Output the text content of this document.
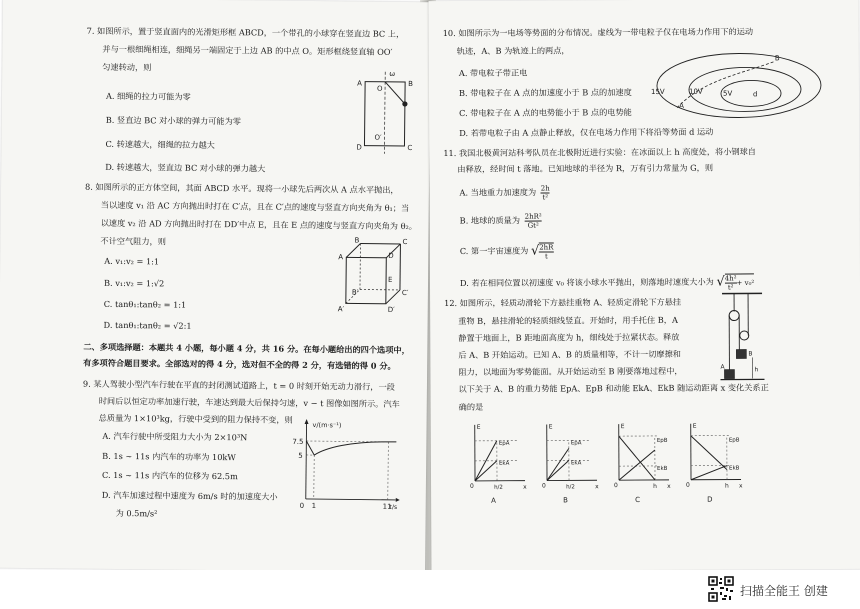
7. 如图所示，置于竖直面内的光滑矩形框 ABCD，一个带孔的小球穿在竖直边 BC 上，
并与一根细绳相连，细绳另一端固定于上边 AB 的中点 O。矩形框绕竖直轴 OO′
匀速转动，则
A. 细绳的拉力可能为零
B. 竖直边 BC 对小球的弹力可能为零
C. 转速越大，细绳的拉力越大
D. 转速越大，竖直边 BC 对小球的弹力越大
A
O
B
ω
D
O′
C
8. 如图所示的正方体空间，其面 ABCD 水平。现将一小球先后两次从 A 点水平抛出，
当以速度 v₁ 沿 AC 方向抛出时打在 C′点，且在 C′点的速度与竖直方向夹角为 θ₁；当
以速度 v₂ 沿 AD 方向抛出时打在 DD′中点 E，且在 E 点的速度与竖直方向夹角为 θ₂。
不计空气阻力，则
A. v₁:v₂ = 1:1
B. v₁:v₂ = 1:√2
C. tanθ₁:tanθ₂ = 1:1
D. tanθ₁:tanθ₂ = √2:1
B	C
A	D
E
B′	C′
A′	D′
二、多项选择题：本题共 4 小题，每小题 4 分，共 16 分。在每小题给出的四个选项中，
有多项符合题目要求。全部选对的得 4 分，选对但不全的得 2 分，有选错的得 0 分。
9. 某人驾驶小型汽车行驶在平直的封闭测试道路上，t = 0 时刻开始无动力滑行，一段
时间后以恒定功率加速行驶，车速达到最大后保持匀速，v − t 图像如图所示。汽车
总质量为 1×10³kg，行驶中受到的阻力保持不变，则
A. 汽车行驶中所受阻力大小为 2×10³N
B. 1s ~ 11s 内汽车的功率为 10kW
C. 1s ~ 11s 内汽车的位移为 62.5m
D. 汽车加速过程中速度为 6m/s 时的加速度大小
为 0.5m/s²
v/(m·s⁻¹)
7.5
5
0 1	11
t/s
10. 如图所示为一电场等势面的分布情况。虚线为一带电粒子仅在电场力作用下的运动
轨迹，A、B 为轨迹上的两点，
A. 带电粒子带正电
B. 带电粒子在 A 点的加速度小于 B 点的加速度
C. 带电粒子在 A 点的电势能小于 B 点的电势能
D. 若带电粒子由 A 点静止释放，仅在电场力作用下将沿等势面 d 运动
15V	10V	5V
A
B
d
11. 我国北极黄河站科考队员在北极附近进行实验：在冰面以上 h 高度处，将小钢球自
由释放，经时间 t 落地。已知地球的半径为 R，万有引力常量为 G，则
A. 当地重力加速度为 $\frac{2h}{\text{t²}}$
B. 地球的质量为 $\frac{\text{2hR²}}{\text{Gt²}}$
C. 第一宇宙速度为 √ $\frac{2hR}{t}$
D. 若在相同位置以初速度 v₀ 将该小球水平抛出，则落地时速度大小为 √ $\frac{\text{4h²}}{\text{t²}} + v_0^2$
12. 如图所示，轻质动滑轮下方悬挂重物 A、轻质定滑轮下方悬挂
重物 B，悬挂滑轮的轻质细线竖直。开始时，用手托住 B，A
静置于地面上，B 距地面高度为 h，细线处于拉紧状态。释放
后 A、B 开始运动。已知 A、B 的质量相等，不计一切摩擦和
阻力，以地面为零势能面。从开始运动至 B 刚要落地过程中，
以下关于 A、B 的重力势能 EpA、EpB 和动能 EkA、EkB 随运动距离 x 变化关系正
确的是
B
A	h
E
x
0
EpA
EkA
h/2
A
E
x
0
EpA
EkA
h/2
B
E
x
0
EpB
EkB
h
C
E
x
0
EpB
EkB
h
D
扫描全能王 创建
